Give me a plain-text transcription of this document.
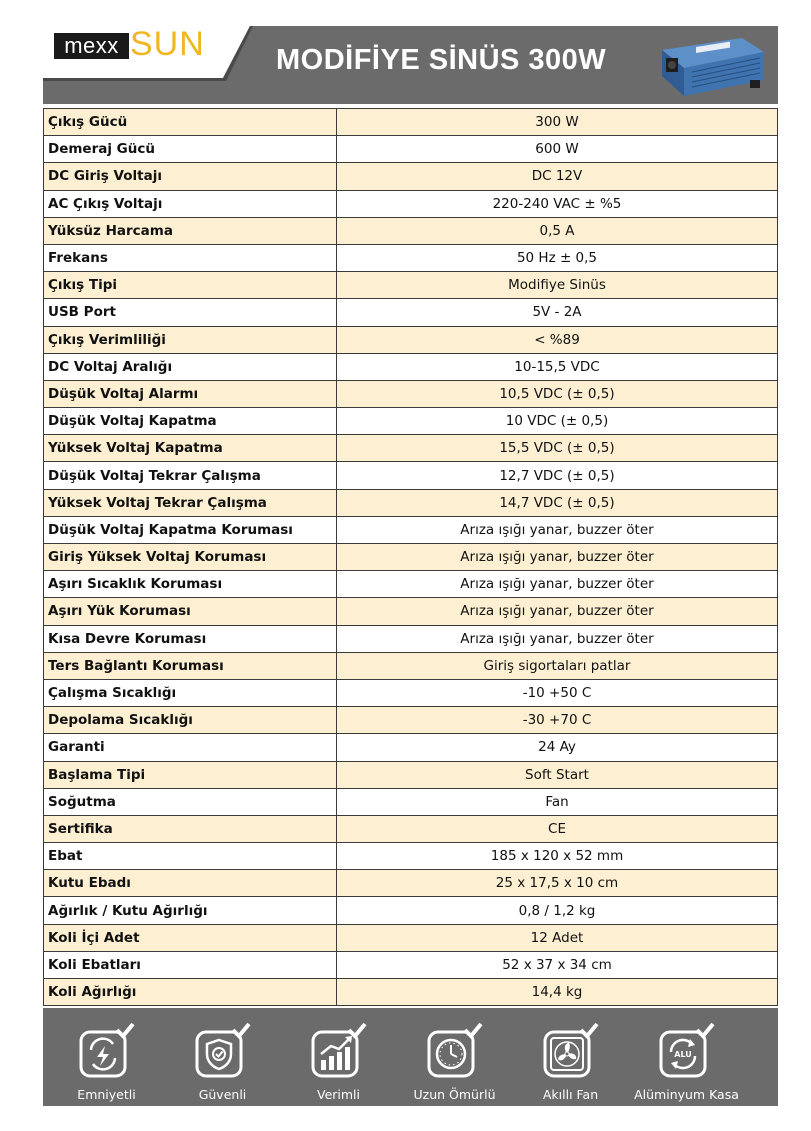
mexx SUN MODİFİYE SİNÜS 300W
Çıkış Gücü	300 W
Demeraj Gücü	600 W
DC Giriş Voltajı	DC 12V
AC Çıkış Voltajı	220-240 VAC ± %5
Yüksüz Harcama	0,5 A
Frekans	50 Hz ± 0,5
Çıkış Tipi	Modifiye Sinüs
USB Port	5V - 2A
Çıkış Verimliliği	< %89
DC Voltaj Aralığı	10-15,5 VDC
Düşük Voltaj Alarmı	10,5 VDC (± 0,5)
Düşük Voltaj Kapatma	10 VDC (± 0,5)
Yüksek Voltaj Kapatma	15,5 VDC (± 0,5)
Düşük Voltaj Tekrar Çalışma	12,7 VDC (± 0,5)
Yüksek Voltaj Tekrar Çalışma	14,7 VDC (± 0,5)
Düşük Voltaj Kapatma Koruması	Arıza ışığı yanar, buzzer öter
Giriş Yüksek Voltaj Koruması	Arıza ışığı yanar, buzzer öter
Aşırı Sıcaklık Koruması	Arıza ışığı yanar, buzzer öter
Aşırı Yük Koruması	Arıza ışığı yanar, buzzer öter
Kısa Devre Koruması	Arıza ışığı yanar, buzzer öter
Ters Bağlantı Koruması	Giriş sigortaları patlar
Çalışma Sıcaklığı	-10 +50 C
Depolama Sıcaklığı	-30 +70 C
Garanti	24 Ay
Başlama Tipi	Soft Start
Soğutma	Fan
Sertifika	CE
Ebat	185 x 120 x 52 mm
Kutu Ebadı	25 x 17,5 x 10 cm
Ağırlık / Kutu Ağırlığı	0,8 / 1,2 kg
Koli İçi Adet	12 Adet
Koli Ebatları	52 x 37 x 34 cm
Koli Ağırlığı	14,4 kg
Emniyetli	Güvenli	Verimli	Uzun Ömürlü	Akıllı Fan
ALU
Alüminyum Kasa
